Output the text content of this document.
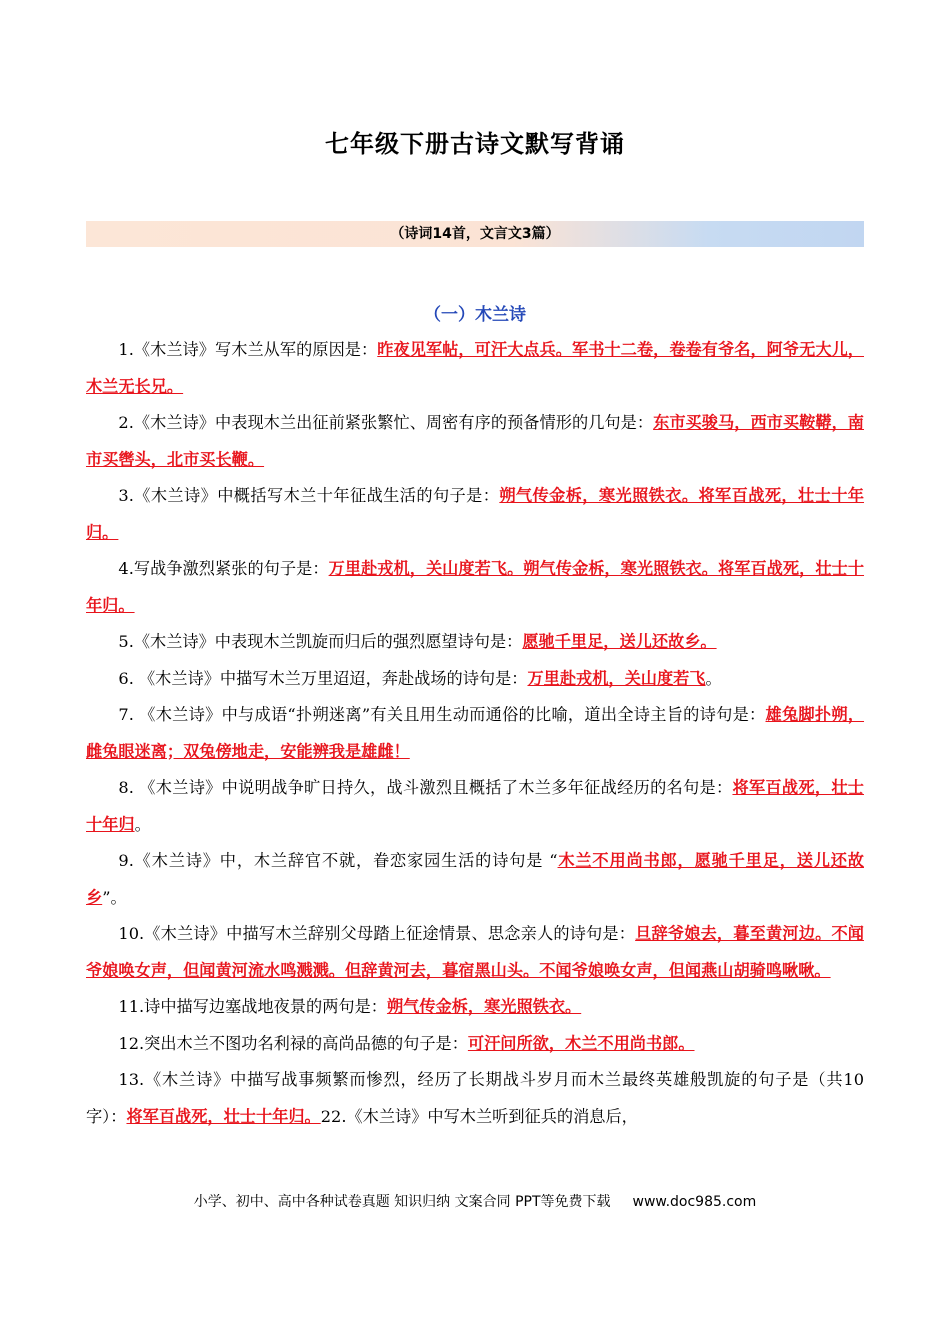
七年级下册古诗文默写背诵
（诗词14首，文言文3篇）
（一）木兰诗

1.《木兰诗》写木兰从军的原因是：昨夜见军帖，可汗大点兵。军书十二卷，卷卷有爷名，阿爷无大儿，木兰无长兄。

2.《木兰诗》中表现木兰出征前紧张繁忙、周密有序的预备情形的几句是：东市买骏马，西市买鞍鞯，南市买辔头，北市买长鞭。

3.《木兰诗》中概括写木兰十年征战生活的句子是：朔气传金柝，寒光照铁衣。将军百战死，壮士十年归。

4.写战争激烈紧张的句子是：万里赴戎机，关山度若飞。朔气传金柝，寒光照铁衣。将军百战死，壮士十年归。

5.《木兰诗》中表现木兰凯旋而归后的强烈愿望诗句是：愿驰千里足，送儿还故乡。

6. 《木兰诗》中描写木兰万里迢迢，奔赴战场的诗句是：万里赴戎机，关山度若飞。

7. 《木兰诗》中与成语“扑朔迷离”有关且用生动而通俗的比喻，道出全诗主旨的诗句是：雄兔脚扑朔，雌兔眼迷离；双兔傍地走，安能辨我是雄雌！

8. 《木兰诗》中说明战争旷日持久，战斗激烈且概括了木兰多年征战经历的名句是：将军百战死，壮士十年归。

9.《木兰诗》中，木兰辞官不就，眷恋家园生活的诗句是 “木兰不用尚书郎，愿驰千里足，送儿还故乡”。

10.《木兰诗》中描写木兰辞别父母踏上征途情景、思念亲人的诗句是：旦辞爷娘去，暮至黄河边。不闻爷娘唤女声，但闻黄河流水鸣溅溅。但辞黄河去，暮宿黑山头。不闻爷娘唤女声，但闻燕山胡骑鸣啾啾。

11.诗中描写边塞战地夜景的两句是：朔气传金柝，寒光照铁衣。

12.突出木兰不图功名利禄的高尚品德的句子是：可汗问所欲，木兰不用尚书郎。

13.《木兰诗》中描写战事频繁而惨烈，经历了长期战斗岁月而木兰最终英雄般凯旋的句子是（共10字）：将军百战死，壮士十年归。22.《木兰诗》中写木兰听到征兵的消息后，

小学、初中、高中各种试卷真题 知识归纳 文案合同 PPT等免费下载 www.doc985.com
